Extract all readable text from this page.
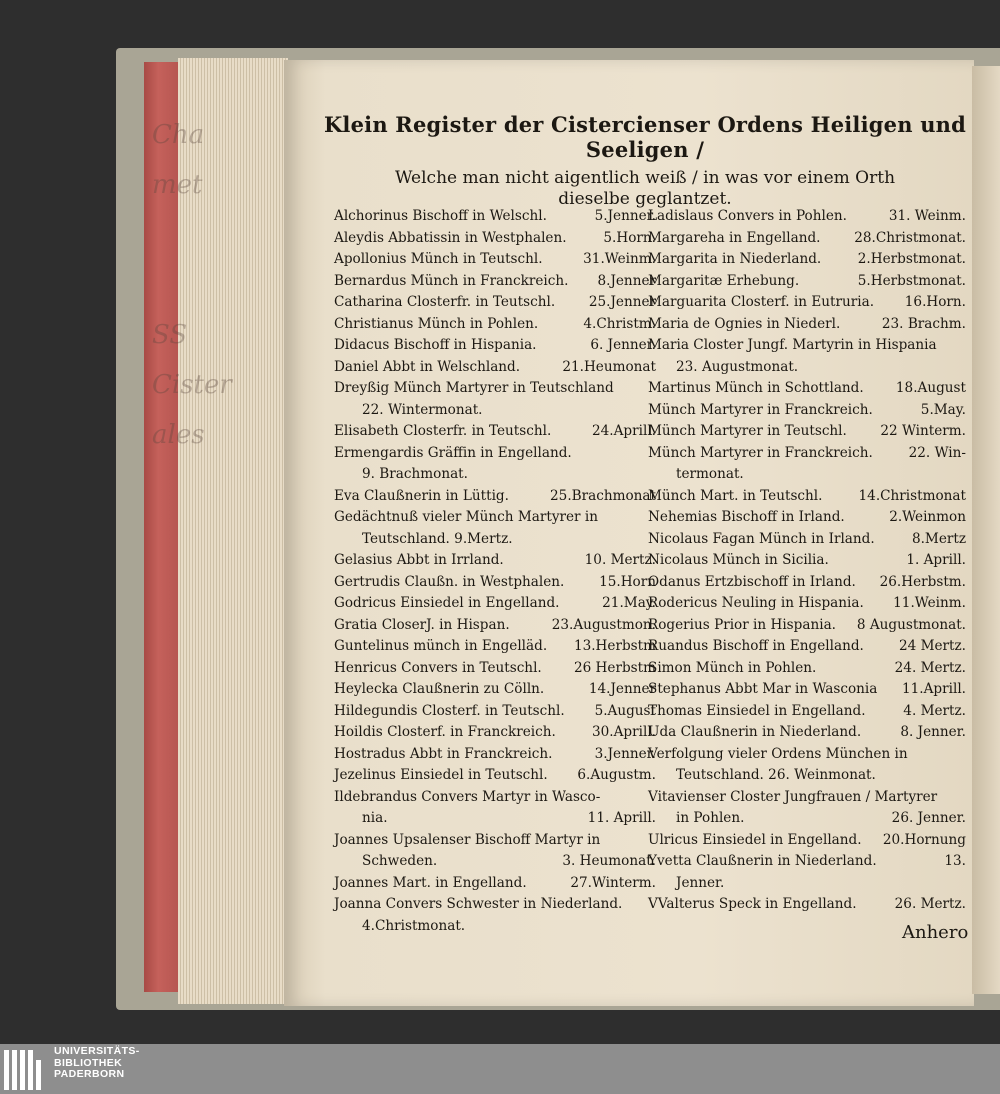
Cha
met

SS
Cister
ales
Klein Register der Cistercienser Ordens Heiligen und Seeligen /
Welche man nicht aigentlich weiß / in was vor einem Orth
dieselbe geglantzet.
Alchorinus Bischoff in Welschl.	5.Jenner.
Aleydis Abbatissin in Westphalen.	5.Horn.
Apollonius Münch in Teutschl.	31.Weinm.
Bernardus Münch in Franckreich. 8.Jenner
Catharina Closterfr. in Teutschl. 25.Jenner
Christianus Münch in Pohlen.	4.Christm.
Didacus Bischoff in Hispania.	6. Jenner.
Daniel Abbt in Welschland.	21.Heumonat
Dreyßig Münch Martyrer in Teutschland
22. Wintermonat.
Elisabeth Closterfr. in Teutschl.	24.Aprill.
Ermengardis Gräffin in Engelland.
9. Brachmonat.
Eva Claußnerin in Lüttig.	25.Brachmonat
Gedächtnuß vieler Münch Martyrer in
Teutschland. 9.Mertz.
Gelasius Abbt in Irrland.	10. Mertz.
Gertrudis Claußn. in Westphalen.	15.Horn
Godricus Einsiedel in Engelland.	21.May.
Gratia CloserJ. in Hispan.	23.Augustmon.
Guntelinus münch in Engelläd. 13.Herbstm
Henricus Convers in Teutschl. 26 Herbstm
Heylecka Claußnerin zu Cölln.	14.Jenner
Hildegundis Closterf. in Teutschl. 5.August
Hoildis Closterf. in Franckreich.	30.Aprill.
Hostradus Abbt in Franckreich.	3.Jenner.
Jezelinus Einsiedel in Teutschl. 6.Augustm.
Ildebrandus Convers Martyr in Wasco-
nia.	11. Aprill.
Joannes Upsalenser Bischoff Martyr in
Schweden.	3. Heumonat.
Joannes Mart. in Engelland.	27.Winterm.
Joanna Convers Schwester in Niederland.
4.Christmonat.
Ladislaus Convers in Pohlen.	31. Weinm.
Margareha in Engelland. 28.Christmonat.
Margarita in Niederland.	2.Herbstmonat.
Margaritæ Erhebung.	5.Herbstmonat.
Marguarita Closterf. in Eutruria. 16.Horn.
Maria de Ognies in Niederl.	23. Brachm.
Maria Closter Jungf. Martyrin in Hispania
23. Augustmonat.
Martinus Münch in Schottland. 18.August
Münch Martyrer in Franckreich.	5.May.
Münch Martyrer in Teutschl. 22 Winterm.
Münch Martyrer in Franckreich.	22. Win-
termonat.
Münch Mart. in Teutschl.	14.Christmonat
Nehemias Bischoff in Irland.	2.Weinmon
Nicolaus Fagan Münch in Irland.	8.Mertz
Nicolaus Münch in Sicilia.	1. Aprill.
Odanus Ertzbischoff in Irland. 26.Herbstm.
Rodericus Neuling in Hispania. 11.Weinm.
Rogerius Prior in Hispania. 8 Augustmonat.
Ruandus Bischoff in Engelland.	24 Mertz.
Simon Münch in Pohlen.	24. Mertz.
Stephanus Abbt Mar in Wasconia 11.Aprill.
Thomas Einsiedel in Engelland.	4. Mertz.
Uda Claußnerin in Niederland.	8. Jenner.
Verfolgung vieler Ordens München in
Teutschland. 26. Weinmonat.
Vitavienser Closter Jungfrauen / Martyrer
in Pohlen.	26. Jenner.
Ulricus Einsiedel in Engelland. 20.Hornung
Yvetta Claußnerin in Niederland.	13.
Jenner.
VValterus Speck in Engelland.	26. Mertz.
Anhero
UNIVERSITÄTS-
BIBLIOTHEK
PADERBORN
